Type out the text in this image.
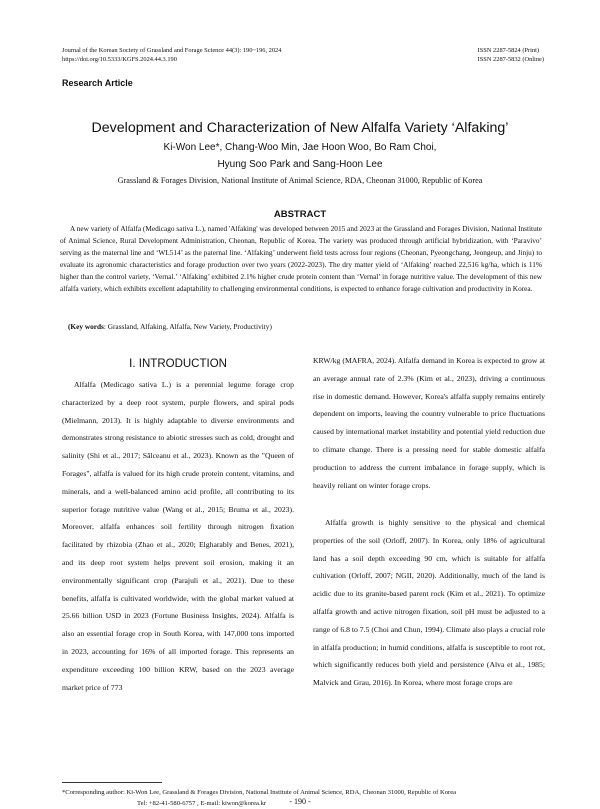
Journal of the Korean Society of Grassland and Forage Science 44(3): 190~196, 2024
https://doi.org/10.5333/KGFS.2024.44.3.190
ISSN 2287-5824 (Print)
ISSN 2287-5832 (Online)
Research Article
Development and Characterization of New Alfalfa Variety ‘Alfaking’
Ki-Won Lee*, Chang-Woo Min, Jae Hoon Woo, Bo Ram Choi,
Hyung Soo Park and Sang-Hoon Lee
Grassland & Forages Division, National Institute of Animal Science, RDA, Cheonan 31000, Republic of Korea
ABSTRACT

A new variety of Alfalfa (Medicago sativa L.), named 'Alfaking' was developed between 2015 and 2023 at the Grassland and Forages Division, National Institute of Animal Science, Rural Development Administration, Cheonan, Republic of Korea. The variety was produced through artificial hybridization, with ‘Paravivo’ serving as the maternal line and ‘WL514’ as the paternal line. ‘Alfaking’ underwent field tests across four regions (Cheonan, Pyeongchang, Jeongeup, and Jinju) to evaluate its agronomic characteristics and forage production over two years (2022-2023). The dry matter yield of ‘Alfaking’ reached 22,516 kg/ha, which is 11% higher than the control variety, ‘Vernal.’ ‘Alfaking’ exhibited 2.1% higher crude protein content than ‘Vernal’ in forage nutritive value. The development of this new alfalfa variety, which exhibits excellent adaptability to challenging environmental conditions, is expected to enhance forage cultivation and productivity in Korea.

(Key words: Grassland, Alfaking, Alfalfa, New Variety, Productivity)
Ⅰ. INTRODUCTION

Alfalfa (Medicago sativa L.) is a perennial legume forage crop characterized by a deep root system, purple flowers, and spiral pods (Mielmann, 2013). It is highly adaptable to diverse environments and demonstrates strong resistance to abiotic stresses such as cold, drought and salinity (Shi et al., 2017; Sălceanu et al., 2023). Known as the "Queen of Forages", alfalfa is valued for its high crude protein content, vitamins, and minerals, and a well-balanced amino acid profile, all contributing to its superior forage nutritive value (Wang et al., 2015; Bruma et al., 2023). Moreover, alfalfa enhances soil fertility through nitrogen fixation facilitated by rhizobia (Zhao et al., 2020; Elgharably and Benes, 2021), and its deep root system helps prevent soil erosion, making it an environmentally significant crop (Parajuli et al., 2021). Due to these benefits, alfalfa is cultivated worldwide, with the global market valued at 25.66 billion USD in 2023 (Fortune Business Insights, 2024). Alfalfa is also an essential forage crop in South Korea, with 147,000 tons imported in 2023, accounting for 16% of all imported forage. This represents an expenditure exceeding 100 billion KRW, based on the 2023 average market price of 773

KRW/kg (MAFRA, 2024). Alfalfa demand in Korea is expected to grow at an average annual rate of 2.3% (Kim et al., 2023), driving a continuous rise in domestic demand. However, Korea's alfalfa supply remains entirely dependent on imports, leaving the country vulnerable to price fluctuations caused by international market instability and potential yield reduction due to climate change. There is a pressing need for stable domestic alfalfa production to address the current imbalance in forage supply, which is heavily reliant on winter forage crops.

Alfalfa growth is highly sensitive to the physical and chemical properties of the soil (Orloff, 2007). In Korea, only 18% of agricultural land has a soil depth exceeding 90 cm, which is suitable for alfalfa cultivation (Orloff, 2007; NGII, 2020). Additionally, much of the land is acidic due to its granite-based parent rock (Kim et al., 2021). To optimize alfalfa growth and active nitrogen fixation, soil pH must be adjusted to a range of 6.8 to 7.5 (Choi and Chun, 1994). Climate also plays a crucial role in alfalfa production; in humid conditions, alfalfa is susceptible to root rot, which significantly reduces both yield and persistence (Alva et al., 1985; Malvick and Grau, 2016). In Korea, where most forage crops are

*Corresponding author: Ki-Won Lee, Grassland & Forages Division, National Institute of Animal Science, RDA, Cheonan 31000, Republic of Korea
Tel: +82-41-580-6757 , E-mail: kiwon@korea.kr	- 190 -
